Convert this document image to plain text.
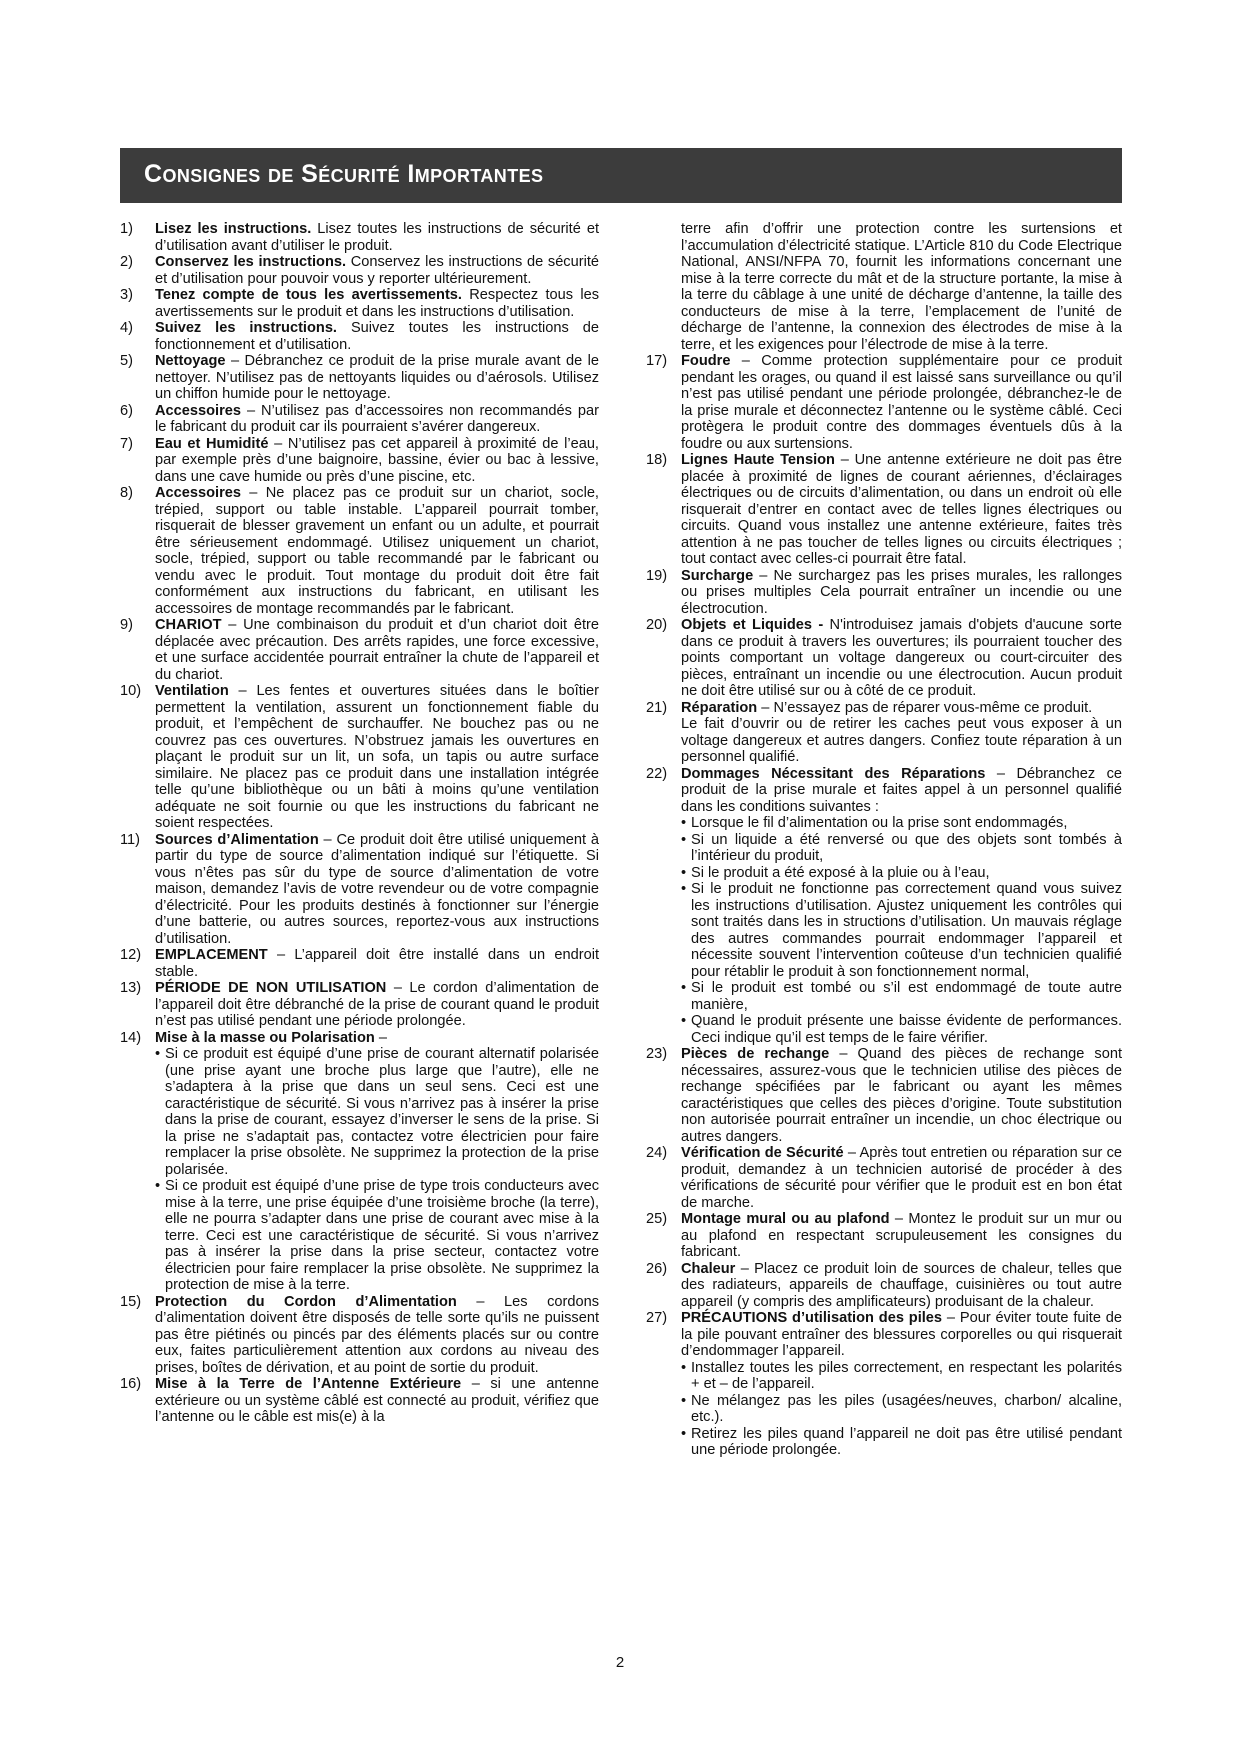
Consignes de Sécurité Importantes
1) Lisez les instructions. Lisez toutes les instructions de sécurité et d’utilisation avant d’utiliser le produit.
2) Conservez les instructions. Conservez les instructions de sécurité et d’utilisation pour pouvoir vous y reporter ultérieurement.
3) Tenez compte de tous les avertissements. Respectez tous les avertissements sur le produit et dans les instructions d’utilisation.
4) Suivez les instructions. Suivez toutes les instructions de fonctionnement et d’utilisation.
5) Nettoyage – Débranchez ce produit de la prise murale avant de le nettoyer. N’utilisez pas de nettoyants liquides ou d’aérosols. Utilisez un chiffon humide pour le nettoyage.
6) Accessoires – N’utilisez pas d’accessoires non recommandés par le fabricant du produit car ils pourraient s’avérer dangereux.
7) Eau et Humidité – N’utilisez pas cet appareil à proximité de l’eau, par exemple près d’une baignoire, bassine, évier ou bac à lessive, dans une cave humide ou près d’une piscine, etc.
8) Accessoires – Ne placez pas ce produit sur un chariot, socle, trépied, support ou table instable. L’appareil pourrait tomber, risquerait de blesser gravement un enfant ou un adulte, et pourrait être sérieusement endommagé. Utilisez uniquement un chariot, socle, trépied, support ou table recommandé par le fabricant ou vendu avec le produit. Tout montage du produit doit être fait conformément aux instructions du fabricant, en utilisant les accessoires de montage recommandés par le fabricant.
9) CHARIOT – Une combinaison du produit et d’un chariot doit être déplacée avec précaution. Des arrêts rapides, une force excessive, et une surface accidentée pourrait entraîner la chute de l’appareil et du chariot.
10) Ventilation – Les fentes et ouvertures situées dans le boîtier permettent la ventilation, assurent un fonctionnement fiable du produit, et l’empêchent de surchauffer. Ne bouchez pas ou ne couvrez pas ces ouvertures. N’obstruez jamais les ouvertures en plaçant le produit sur un lit, un sofa, un tapis ou autre surface similaire. Ne placez pas ce produit dans une installation intégrée telle qu’une bibliothèque ou un bâti à moins qu’une ventilation adéquate ne soit fournie ou que les instructions du fabricant ne soient respectées.
11) Sources d’Alimentation – Ce produit doit être utilisé uniquement à partir du type de source d’alimentation indiqué sur l’étiquette. Si vous n’êtes pas sûr du type de source d’alimentation de votre maison, demandez l’avis de votre revendeur ou de votre compagnie d’électricité. Pour les produits destinés à fonctionner sur l’énergie d’une batterie, ou autres sources, reportez-vous aux instructions d’utilisation.
12) EMPLACEMENT – L’appareil doit être installé dans un endroit stable.
13) PÉRIODE DE NON UTILISATION – Le cordon d’alimentation de l’appareil doit être débranché de la prise de courant quand le produit n’est pas utilisé pendant une période prolongée.
14) Mise à la masse ou Polarisation –
• Si ce produit est équipé d’une prise de courant alternatif polarisée (une prise ayant une broche plus large que l’autre), elle ne s’adaptera à la prise que dans un seul sens. Ceci est une caractéristique de sécurité. Si vous n’arrivez pas à insérer la prise dans la prise de courant, essayez d’inverser le sens de la prise. Si la prise ne s’adaptait pas, contactez votre électricien pour faire remplacer la prise obsolète. Ne supprimez la protection de la prise polarisée.
• Si ce produit est équipé d’une prise de type trois conducteurs avec mise à la terre, une prise équipée d’une troisième broche (la terre), elle ne pourra s’adapter dans une prise de courant avec mise à la terre. Ceci est une caractéristique de sécurité. Si vous n’arrivez pas à insérer la prise dans la prise secteur, contactez votre électricien pour faire remplacer la prise obsolète. Ne supprimez la protection de mise à la terre.
15) Protection du Cordon d’Alimentation – Les cordons d’alimentation doivent être disposés de telle sorte qu’ils ne puissent pas être piétinés ou pincés par des éléments placés sur ou contre eux, faites particulièrement attention aux cordons au niveau des prises, boîtes de dérivation, et au point de sortie du produit.
16) Mise à la Terre de l’Antenne Extérieure – si une antenne extérieure ou un système câblé est connecté au produit, vérifiez que l’antenne ou le câble est mis(e) à la
terre afin d’offrir une protection contre les surtensions et l’accumulation d’électricité statique. L’Article 810 du Code Electrique National, ANSI/NFPA 70, fournit les informations concernant une mise à la terre correcte du mât et de la structure portante, la mise à la terre du câblage à une unité de décharge d’antenne, la taille des conducteurs de mise à la terre, l’emplacement de l’unité de décharge de l’antenne, la connexion des électrodes de mise à la terre, et les exigences pour l’électrode de mise à la terre.
17) Foudre – Comme protection supplémentaire pour ce produit pendant les orages, ou quand il est laissé sans surveillance ou qu’il n’est pas utilisé pendant une période prolongée, débranchez-le de la prise murale et déconnectez l’antenne ou le système câblé. Ceci protègera le produit contre des dommages éventuels dûs à la foudre ou aux surtensions.
18) Lignes Haute Tension – Une antenne extérieure ne doit pas être placée à proximité de lignes de courant aériennes, d’éclairages électriques ou de circuits d’alimentation, ou dans un endroit où elle risquerait d’entrer en contact avec de telles lignes électriques ou circuits. Quand vous installez une antenne extérieure, faites très attention à ne pas toucher de telles lignes ou circuits électriques ; tout contact avec celles-ci pourrait être fatal.
19) Surcharge – Ne surchargez pas les prises murales, les rallonges ou prises multiples Cela pourrait entraîner un incendie ou une électrocution.
20) Objets et Liquides - N'introduisez jamais d'objets d'aucune sorte dans ce produit à travers les ouvertures; ils pourraient toucher des points comportant un voltage dangereux ou court-circuiter des pièces, entraînant un incendie ou une électrocution. Aucun produit ne doit être utilisé sur ou à côté de ce produit.
21) Réparation – N’essayez pas de réparer vous-même ce produit.
Le fait d’ouvrir ou de retirer les caches peut vous exposer à un voltage dangereux et autres dangers. Confiez toute réparation à un personnel qualifié.
22) Dommages Nécessitant des Réparations – Débranchez ce produit de la prise murale et faites appel à un personnel qualifié dans les conditions suivantes :
• Lorsque le fil d’alimentation ou la prise sont endommagés,
• Si un liquide a été renversé ou que des objets sont tombés à l’intérieur du produit,
• Si le produit a été exposé à la pluie ou à l’eau,
• Si le produit ne fonctionne pas correctement quand vous suivez les instructions d’utilisation. Ajustez uniquement les contrôles qui sont traités dans les in structions d’utilisation. Un mauvais réglage des autres commandes pourrait endommager l’appareil et nécessite souvent l’intervention coûteuse d’un technicien qualifié pour rétablir le produit à son fonctionnement normal,
• Si le produit est tombé ou s’il est endommagé de toute autre manière,
• Quand le produit présente une baisse évidente de performances. Ceci indique qu’il est temps de le faire vérifier.
23) Pièces de rechange – Quand des pièces de rechange sont nécessaires, assurez-vous que le technicien utilise des pièces de rechange spécifiées par le fabricant ou ayant les mêmes caractéristiques que celles des pièces d’origine. Toute substitution non autorisée pourrait entraîner un incendie, un choc électrique ou autres dangers.
24) Vérification de Sécurité – Après tout entretien ou réparation sur ce produit, demandez à un technicien autorisé de procéder à des vérifications de sécurité pour vérifier que le produit est en bon état de marche.
25) Montage mural ou au plafond – Montez le produit sur un mur ou au plafond en respectant scrupuleusement les consignes du fabricant.
26) Chaleur – Placez ce produit loin de sources de chaleur, telles que des radiateurs, appareils de chauffage, cuisinières ou tout autre appareil (y compris des amplificateurs) produisant de la chaleur.
27) PRÉCAUTIONS d’utilisation des piles – Pour éviter toute fuite de la pile pouvant entraîner des blessures corporelles ou qui risquerait d’endommager l’appareil.
• Installez toutes les piles correctement, en respectant les polarités + et – de l’appareil.
• Ne mélangez pas les piles (usagées/neuves, charbon/ alcaline, etc.).
• Retirez les piles quand l’appareil ne doit pas être utilisé pendant une période prolongée.
2
